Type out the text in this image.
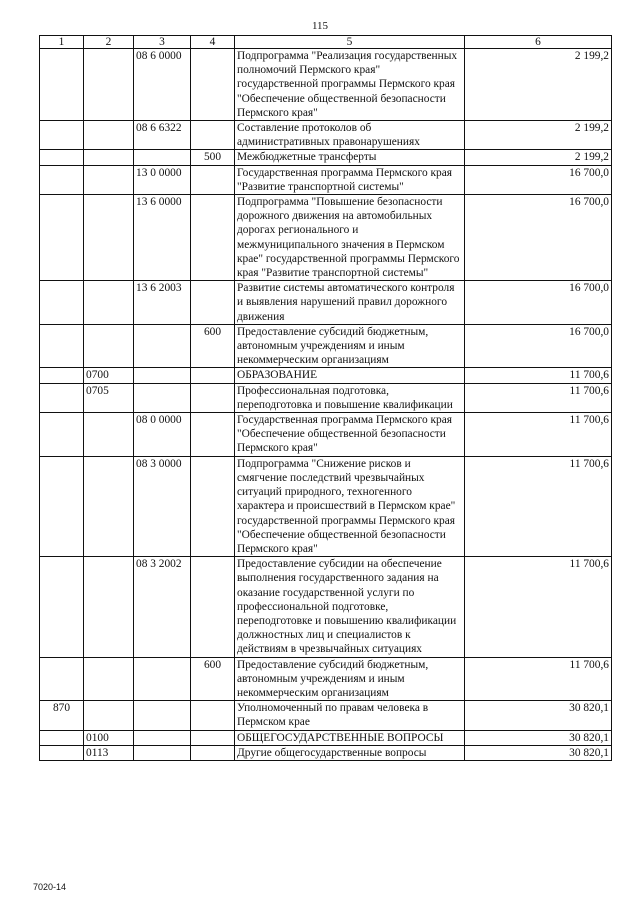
115
1	2	3	4	5	6
		08 6 0000		Подпрограмма "Реализация государственных полномочий Пермского края" государственной программы Пермского края "Обеспечение общественной безопасности Пермского края"	2 199,2
		08 6 6322		Составление протоколов об административных правонарушениях	2 199,2
			500	Межбюджетные трансферты	2 199,2
		13 0 0000		Государственная программа Пермского края "Развитие транспортной системы"	16 700,0
		13 6 0000		Подпрограмма "Повышение безопасности дорожного движения на автомобильных дорогах регионального и межмуниципального значения в Пермском крае" государственной программы Пермского края "Развитие транспортной системы"	16 700,0
		13 6 2003		Развитие системы автоматического контроля и выявления нарушений правил дорожного движения	16 700,0
			600	Предоставление субсидий бюджетным, автономным учреждениям и иным некоммерческим организациям	16 700,0
	0700			ОБРАЗОВАНИЕ	11 700,6
	0705			Профессиональная подготовка, переподготовка и повышение квалификации	11 700,6
		08 0 0000		Государственная программа Пермского края "Обеспечение общественной безопасности Пермского края"	11 700,6
		08 3 0000		Подпрограмма "Снижение рисков и смягчение последствий чрезвычайных ситуаций природного, техногенного характера и происшествий в Пермском крае" государственной программы Пермского края "Обеспечение общественной безопасности Пермского края"	11 700,6
		08 3 2002		Предоставление субсидии на обеспечение выполнения государственного задания на оказание государственной услуги по профессиональной подготовке, переподготовке и повышению квалификации должностных лиц и специалистов к действиям в чрезвычайных ситуациях	11 700,6
			600	Предоставление субсидий бюджетным, автономным учреждениям и иным некоммерческим организациям	11 700,6
870				Уполномоченный по правам человека в Пермском крае	30 820,1
	0100			ОБЩЕГОСУДАРСТВЕННЫЕ ВОПРОСЫ	30 820,1
	0113			Другие общегосударственные вопросы	30 820,1
7020-14
